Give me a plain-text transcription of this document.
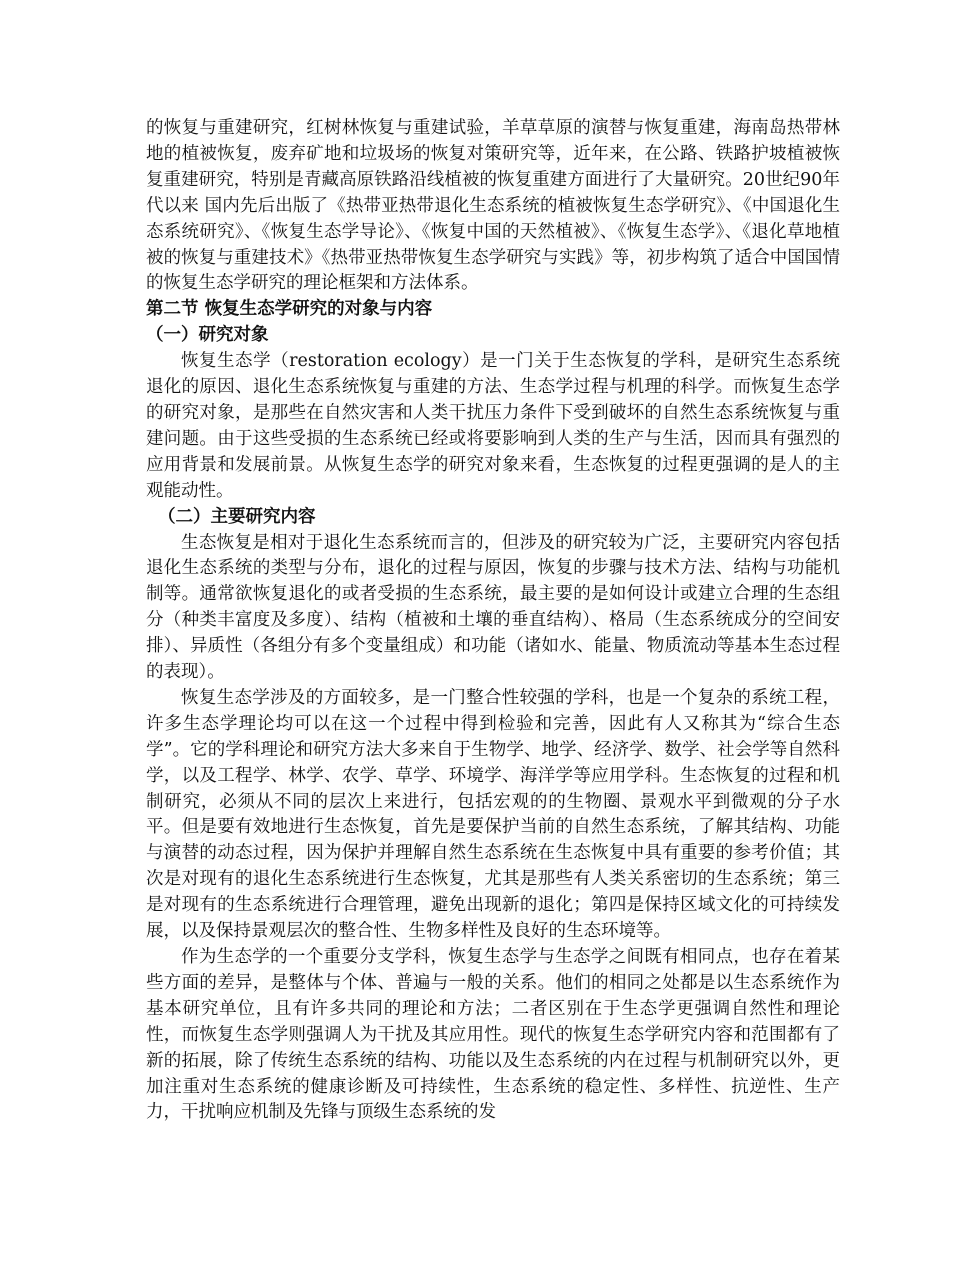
的恢复与重建研究，红树林恢复与重建试验，羊草草原的演替与恢复重建，海南岛热带林地的植被恢复，废弃矿地和垃圾场的恢复对策研究等，近年来，在公路、铁路护坡植被恢复重建研究，特别是青藏高原铁路沿线植被的恢复重建方面进行了大量研究。20世纪90年代以来 国内先后出版了《热带亚热带退化生态系统的植被恢复生态学研究》、《中国退化生态系统研究》、《恢复生态学导论》、《恢复中国的天然植被》、《恢复生态学》、《退化草地植被的恢复与重建技术》《热带亚热带恢复生态学研究与实践》等，初步构筑了适合中国国情的恢复生态学研究的理论框架和方法体系。

第二节 恢复生态学研究的对象与内容
（一）研究对象

恢复生态学（restoration ecology）是一门关于生态恢复的学科，是研究生态系统退化的原因、退化生态系统恢复与重建的方法、生态学过程与机理的科学。而恢复生态学的研究对象，是那些在自然灾害和人类干扰压力条件下受到破坏的自然生态系统恢复与重建问题。由于这些受损的生态系统已经或将要影响到人类的生产与生活，因而具有强烈的应用背景和发展前景。从恢复生态学的研究对象来看，生态恢复的过程更强调的是人的主观能动性。

（二）主要研究内容

生态恢复是相对于退化生态系统而言的，但涉及的研究较为广泛，主要研究内容包括退化生态系统的类型与分布，退化的过程与原因，恢复的步骤与技术方法、结构与功能机制等。通常欲恢复退化的或者受损的生态系统，最主要的是如何设计或建立合理的生态组分（种类丰富度及多度）、结构（植被和土壤的垂直结构）、格局（生态系统成分的空间安排）、异质性（各组分有多个变量组成）和功能（诸如水、能量、物质流动等基本生态过程的表现）。

恢复生态学涉及的方面较多，是一门整合性较强的学科，也是一个复杂的系统工程，许多生态学理论均可以在这一个过程中得到检验和完善，因此有人又称其为“综合生态学”。它的学科理论和研究方法大多来自于生物学、地学、经济学、数学、社会学等自然科学，以及工程学、林学、农学、草学、环境学、海洋学等应用学科。生态恢复的过程和机制研究，必须从不同的层次上来进行，包括宏观的的生物圈、景观水平到微观的分子水平。但是要有效地进行生态恢复，首先是要保护当前的自然生态系统，了解其结构、功能与演替的动态过程，因为保护并理解自然生态系统在生态恢复中具有重要的参考价值；其次是对现有的退化生态系统进行生态恢复，尤其是那些有人类关系密切的生态系统；第三是对现有的生态系统进行合理管理，避免出现新的退化；第四是保持区域文化的可持续发展，以及保持景观层次的整合性、生物多样性及良好的生态环境等。

作为生态学的一个重要分支学科，恢复生态学与生态学之间既有相同点，也存在着某些方面的差异，是整体与个体、普遍与一般的关系。他们的相同之处都是以生态系统作为基本研究单位，且有许多共同的理论和方法；二者区别在于生态学更强调自然性和理论性，而恢复生态学则强调人为干扰及其应用性。现代的恢复生态学研究内容和范围都有了新的拓展，除了传统生态系统的结构、功能以及生态系统的内在过程与机制研究以外，更加注重对生态系统的健康诊断及可持续性，生态系统的稳定性、多样性、抗逆性、生产力，干扰响应机制及先锋与顶级生态系统的发
